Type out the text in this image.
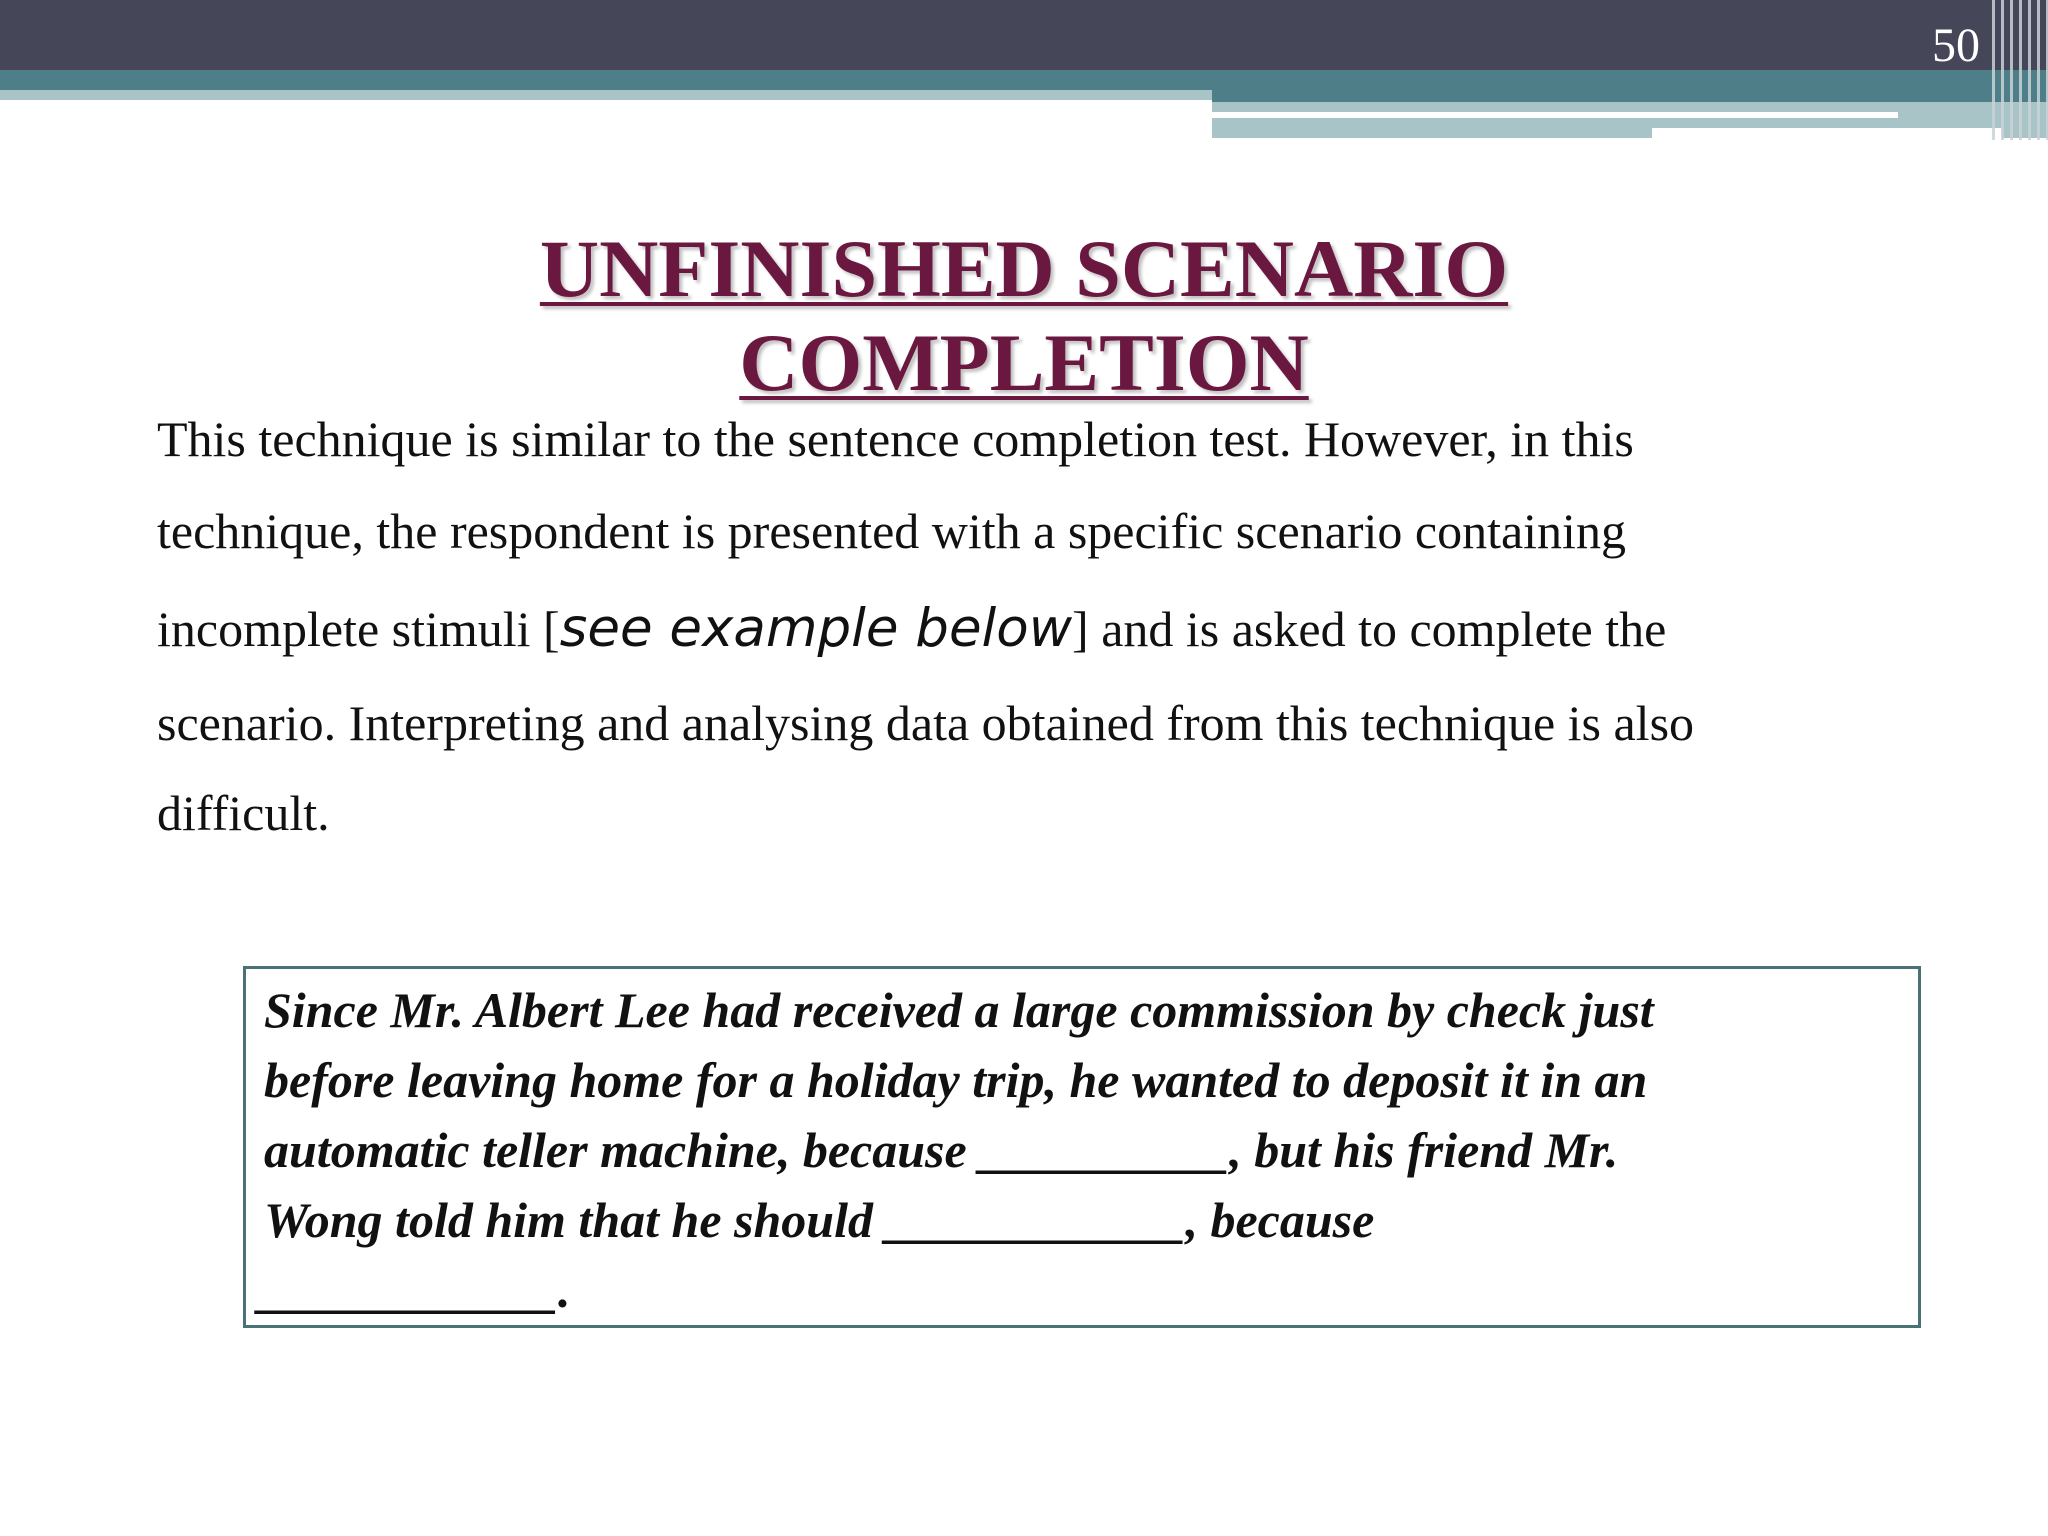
50
UNFINISHED SCENARIO
COMPLETION
This technique is similar to the sentence completion test. However, in this
technique, the respondent is presented with a specific scenario containing
incomplete stimuli [see example below] and is asked to complete the
scenario. Interpreting and analysing data obtained from this technique is also
difficult.
Since Mr. Albert Lee had received a large commission by check just
before leaving home for a holiday trip, he wanted to deposit it in an
automatic teller machine, because __________, but his friend Mr.
Wong told him that he should ____________, because
____________.
